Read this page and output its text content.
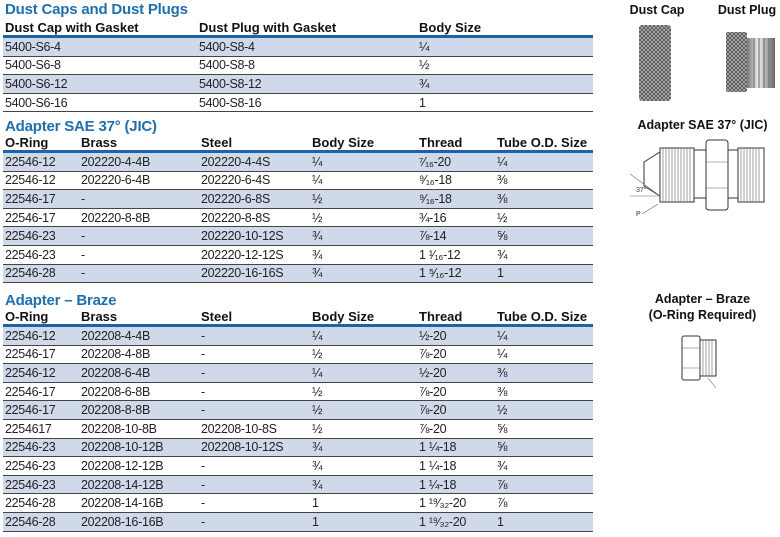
Dust Caps and Dust Plugs
Dust Cap with Gasket	Dust Plug with Gasket	Body Size
5400-S6-4	5400-S8-4	¼
5400-S6-8	5400-S8-8	½
5400-S6-12	5400-S8-12	¾
5400-S6-16	5400-S8-16	1
Adapter SAE 37° (JIC)
O-Ring	Brass	Steel	Body Size	Thread	Tube O.D. Size
22546-12	202220-4-4B	202220-4-4S	¼	⁷⁄₁₆-20	¼
22546-12	202220-6-4B	202220-6-4S	¼	⁹⁄₁₆-18	⅜
22546-17	-	202220-6-8S	½	⁹⁄₁₆-18	⅜
22546-17	202220-8-8B	202220-8-8S	½	¾-16	½
22546-23	-	202220-10-12S	¾	⅞-14	⅝
22546-23	-	202220-12-12S	¾	1 ¹⁄₁₆-12	¾
22546-28	-	202220-16-16S	¾	1 ⁵⁄₁₆-12	1
Adapter – Braze
O-Ring	Brass	Steel	Body Size	Thread	Tube O.D. Size
22546-12	202208-4-4B	-	¼	½-20	¼
22546-17	202208-4-8B	-	½	⅞-20	¼
22546-12	202208-6-4B	-	¼	½-20	⅜
22546-17	202208-6-8B	-	½	⅞-20	⅜
22546-17	202208-8-8B	-	½	⅞-20	½
2254617	202208-10-8B	202208-10-8S	½	⅞-20	⅝
22546-23	202208-10-12B	202208-10-12S	¾	1 ¼-18	⅝
22546-23	202208-12-12B	-	¾	1 ¼-18	¾
22546-23	202208-14-12B	-	¾	1 ¼-18	⅞
22546-28	202208-14-16B	-	1	1 ¹⁹⁄₃₂-20	⅞
22546-28	202208-16-16B	-	1	1 ¹⁹⁄₃₂-20	1
Dust Cap	Dust Plug
Adapter SAE 37° (JIC)
37°
P
Adapter – Braze
(O-Ring Required)
